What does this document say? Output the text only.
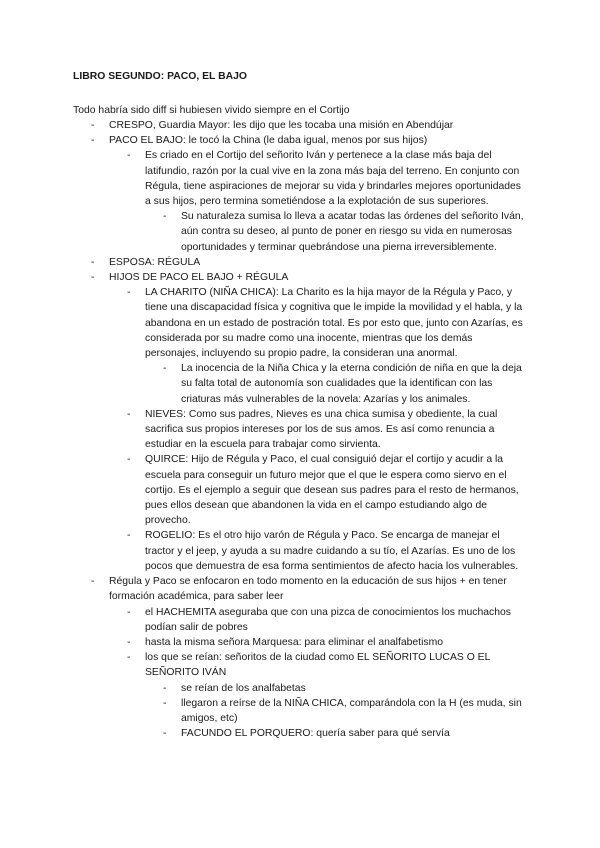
LIBRO SEGUNDO: PACO, EL BAJO

Todo habría sido diff si hubiesen vivido siempre en el Cortijo

- CRESPO, Guardia Mayor: les dijo que les tocaba una misión en Abendújar
- PACO EL BAJO: le tocó la China (le daba igual, menos por sus hijos)
- Es criado en el Cortijo del señorito Iván y pertenece a la clase más baja del latifundio, razón por la cual vive en la zona más baja del terreno. En conjunto con Régula, tiene aspiraciones de mejorar su vida y brindarles mejores oportunidades a sus hijos, pero termina sometiéndose a la explotación de sus superiores.
- Su naturaleza sumisa lo lleva a acatar todas las órdenes del señorito Iván, aún contra su deseo, al punto de poner en riesgo su vida en numerosas oportunidades y terminar quebrándose una pierna irreversiblemente.
- ESPOSA: RÉGULA
- HIJOS DE PACO EL BAJO + RÉGULA
- LA CHARITO (NIÑA CHICA): La Charito es la hija mayor de la Régula y Paco, y tiene una discapacidad física y cognitiva que le impide la movilidad y el habla, y la abandona en un estado de postración total. Es por esto que, junto con Azarías, es considerada por su madre como una inocente, mientras que los demás personajes, incluyendo su propio padre, la consideran una anormal.
- La inocencia de la Niña Chica y la eterna condición de niña en que la deja su falta total de autonomía son cualidades que la identifican con las criaturas más vulnerables de la novela: Azarías y los animales.
- NIEVES: Como sus padres, Nieves es una chica sumisa y obediente, la cual sacrifica sus propios intereses por los de sus amos. Es así como renuncia a estudiar en la escuela para trabajar como sirvienta.
- QUIRCE: Hijo de Régula y Paco, el cual consiguió dejar el cortijo y acudir a la escuela para conseguir un futuro mejor que el que le espera como siervo en el cortijo. Es el ejemplo a seguir que desean sus padres para el resto de hermanos, pues ellos desean que abandonen la vida en el campo estudiando algo de provecho.
- ROGELIO: Es el otro hijo varón de Régula y Paco. Se encarga de manejar el tractor y el jeep, y ayuda a su madre cuidando a su tío, el Azarías. Es uno de los pocos que demuestra de esa forma sentimientos de afecto hacia los vulnerables.
- Régula y Paco se enfocaron en todo momento en la educación de sus hijos + en tener formación académica, para saber leer
- el HACHEMITA aseguraba que con una pizca de conocimientos los muchachos podían salir de pobres
- hasta la misma señora Marquesa: para eliminar el analfabetismo
- los que se reían: señoritos de la ciudad como EL SEÑORITO LUCAS O EL SEÑORITO IVÁN
- se reían de los analfabetas
- llegaron a reírse de la NIÑA CHICA, comparándola con la H (es muda, sin amigos, etc)
- FACUNDO EL PORQUERO: quería saber para qué servía
